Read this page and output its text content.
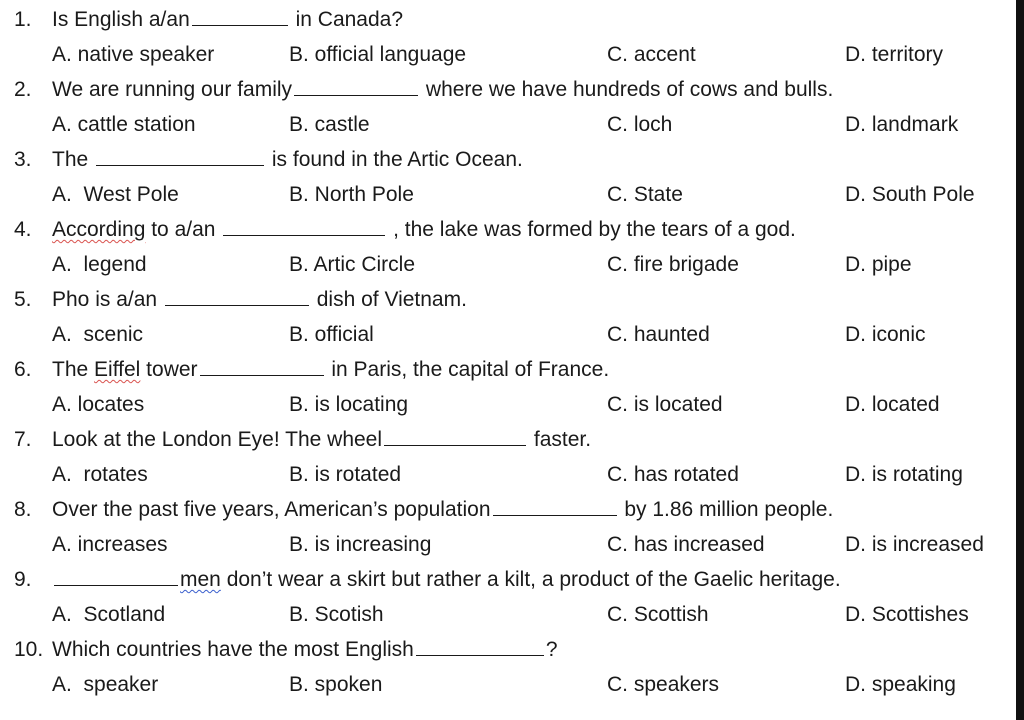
1. Is English a/an	in Canada?
A. native speaker	B. official language	C. accent	D. territory
2. We are running our family	where we have hundreds of cows and bulls.
A. cattle station	B. castle	C. loch	D. landmark
3. The	is found in the Artic Ocean.
A.  West Pole	B. North Pole	C. State	D. South Pole
4. According to a/an	, the lake was formed by the tears of a god.
A.  legend	B. Artic Circle	C. fire brigade	D. pipe
5. Pho is a/an	dish of Vietnam.
A.  scenic	B. official	C. haunted	D. iconic
6. The Eiffel tower	in Paris, the capital of France.
A. locates	B. is locating	C. is located	D. located
7. Look at the London Eye! The wheel	faster.
A.  rotates	B. is rotated	C. has rotated	D. is rotating
8. Over the past five years, American’s population	by 1.86 million people.
A. increases	B. is increasing	C. has increased	D. is increased
9.	men don’t wear a skirt but rather a kilt, a product of the Gaelic heritage.
A.  Scotland	B. Scotish	C. Scottish	D. Scottishes
10. Which countries have the most English	?
A.  speaker	B. spoken	C. speakers	D. speaking
